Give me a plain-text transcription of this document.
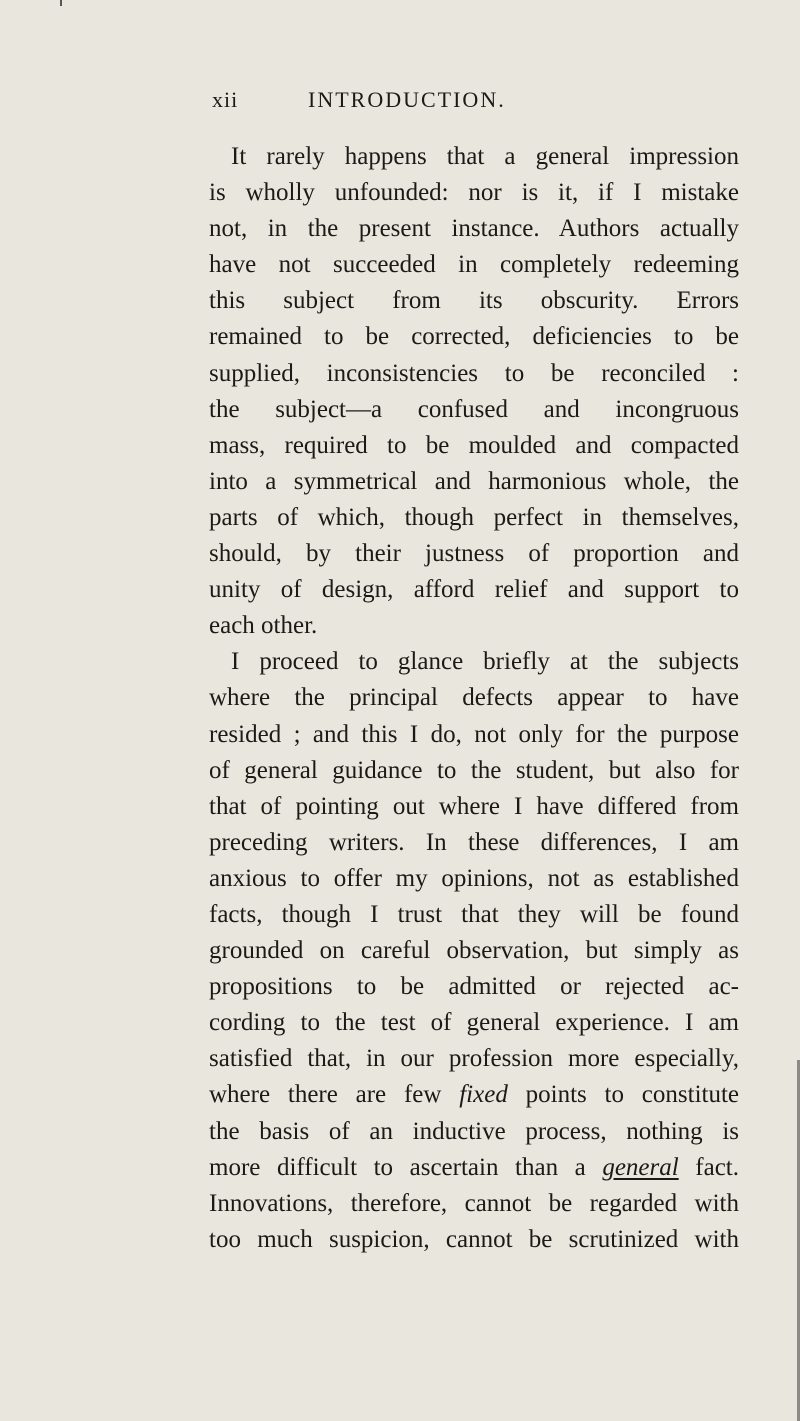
xii	INTRODUCTION.
It rarely happens that a general impression
is wholly unfounded: nor is it, if I mistake
not, in the present instance. Authors actually
have not succeeded in completely redeeming
this subject from its obscurity. Errors
remained to be corrected, deficiencies to be
supplied, inconsistencies to be reconciled :
the subject—a confused and incongruous
mass, required to be moulded and compacted
into a symmetrical and harmonious whole, the
parts of which, though perfect in themselves,
should, by their justness of proportion and
unity of design, afford relief and support to
each other.
I proceed to glance briefly at the subjects
where the principal defects appear to have
resided ; and this I do, not only for the purpose
of general guidance to the student, but also for
that of pointing out where I have differed from
preceding writers. In these differences, I am
anxious to offer my opinions, not as established
facts, though I trust that they will be found
grounded on careful observation, but simply as
propositions to be admitted or rejected ac-
cording to the test of general experience. I am
satisfied that, in our profession more especially,
where there are few fixed points to constitute
the basis of an inductive process, nothing is
more difficult to ascertain than a general fact.
Innovations, therefore, cannot be regarded with
too much suspicion, cannot be scrutinized with
